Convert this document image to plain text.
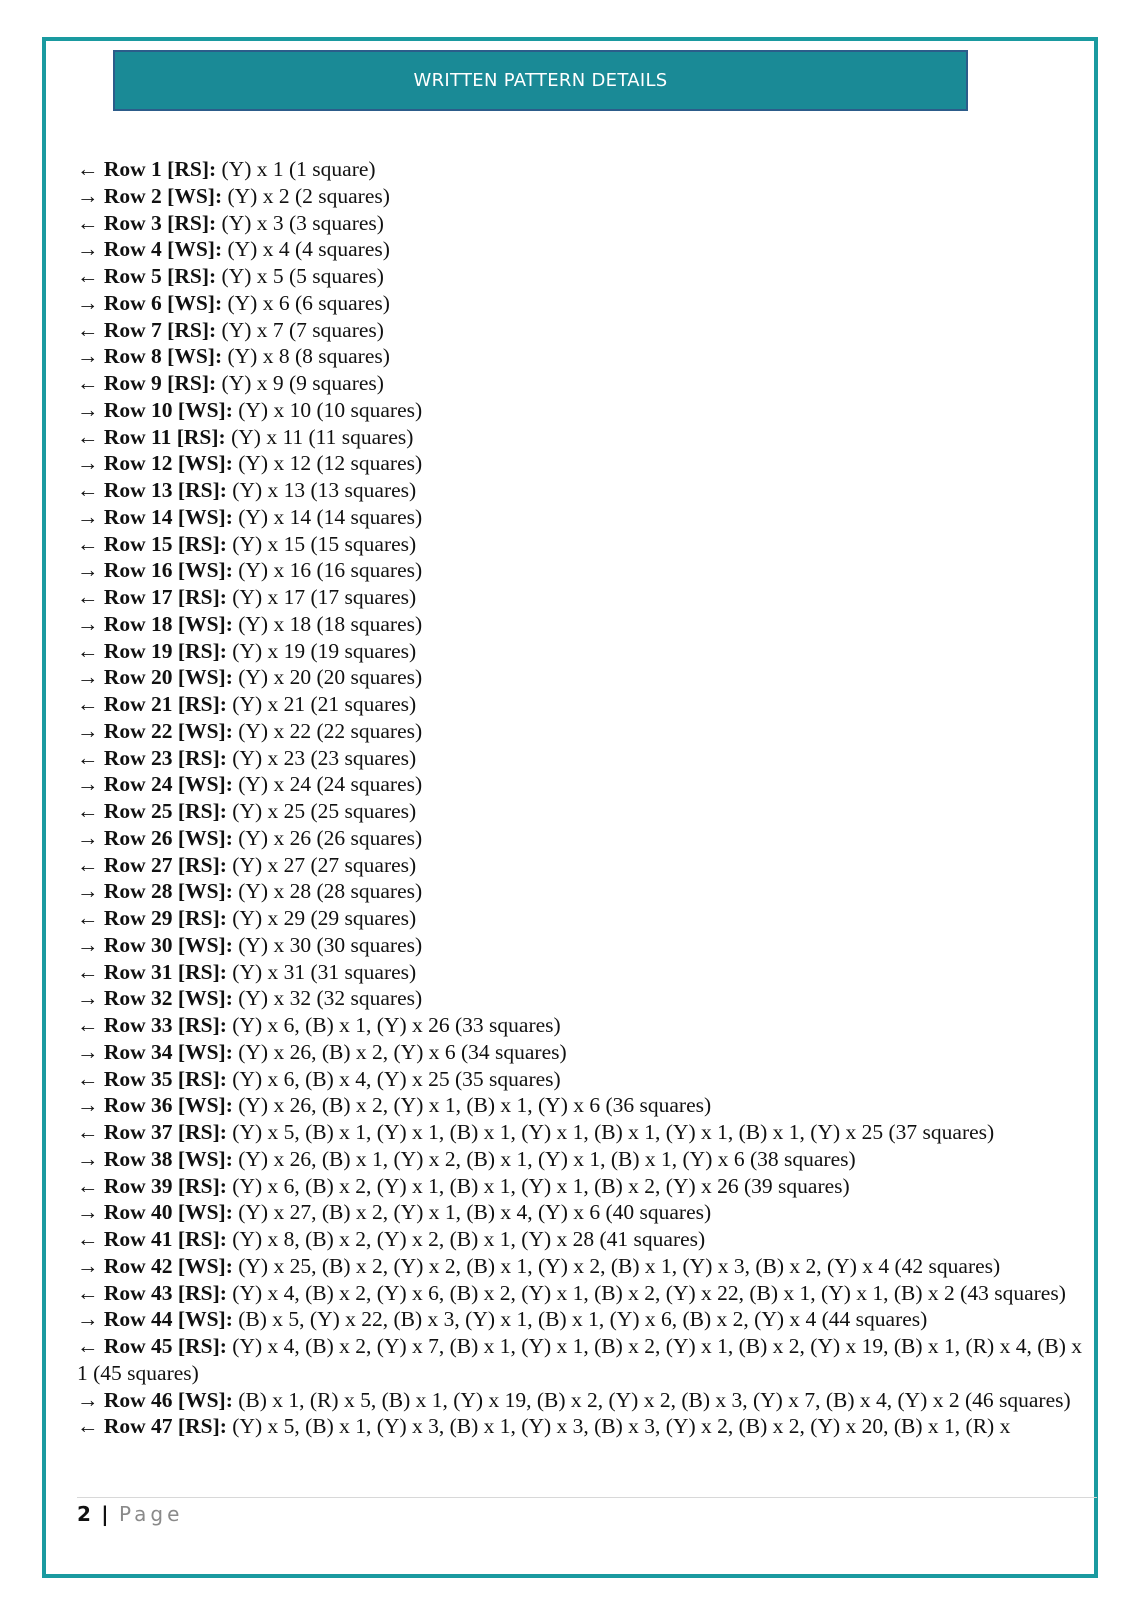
WRITTEN PATTERN DETAILS
← Row 1 [RS]: (Y) x 1 (1 square)
→ Row 2 [WS]: (Y) x 2 (2 squares)
← Row 3 [RS]: (Y) x 3 (3 squares)
→ Row 4 [WS]: (Y) x 4 (4 squares)
← Row 5 [RS]: (Y) x 5 (5 squares)
→ Row 6 [WS]: (Y) x 6 (6 squares)
← Row 7 [RS]: (Y) x 7 (7 squares)
→ Row 8 [WS]: (Y) x 8 (8 squares)
← Row 9 [RS]: (Y) x 9 (9 squares)
→ Row 10 [WS]: (Y) x 10 (10 squares)
← Row 11 [RS]: (Y) x 11 (11 squares)
→ Row 12 [WS]: (Y) x 12 (12 squares)
← Row 13 [RS]: (Y) x 13 (13 squares)
→ Row 14 [WS]: (Y) x 14 (14 squares)
← Row 15 [RS]: (Y) x 15 (15 squares)
→ Row 16 [WS]: (Y) x 16 (16 squares)
← Row 17 [RS]: (Y) x 17 (17 squares)
→ Row 18 [WS]: (Y) x 18 (18 squares)
← Row 19 [RS]: (Y) x 19 (19 squares)
→ Row 20 [WS]: (Y) x 20 (20 squares)
← Row 21 [RS]: (Y) x 21 (21 squares)
→ Row 22 [WS]: (Y) x 22 (22 squares)
← Row 23 [RS]: (Y) x 23 (23 squares)
→ Row 24 [WS]: (Y) x 24 (24 squares)
← Row 25 [RS]: (Y) x 25 (25 squares)
→ Row 26 [WS]: (Y) x 26 (26 squares)
← Row 27 [RS]: (Y) x 27 (27 squares)
→ Row 28 [WS]: (Y) x 28 (28 squares)
← Row 29 [RS]: (Y) x 29 (29 squares)
→ Row 30 [WS]: (Y) x 30 (30 squares)
← Row 31 [RS]: (Y) x 31 (31 squares)
→ Row 32 [WS]: (Y) x 32 (32 squares)
← Row 33 [RS]: (Y) x 6, (B) x 1, (Y) x 26 (33 squares)
→ Row 34 [WS]: (Y) x 26, (B) x 2, (Y) x 6 (34 squares)
← Row 35 [RS]: (Y) x 6, (B) x 4, (Y) x 25 (35 squares)
→ Row 36 [WS]: (Y) x 26, (B) x 2, (Y) x 1, (B) x 1, (Y) x 6 (36 squares)
← Row 37 [RS]: (Y) x 5, (B) x 1, (Y) x 1, (B) x 1, (Y) x 1, (B) x 1, (Y) x 1, (B) x 1, (Y) x 25 (37 squares)
→ Row 38 [WS]: (Y) x 26, (B) x 1, (Y) x 2, (B) x 1, (Y) x 1, (B) x 1, (Y) x 6 (38 squares)
← Row 39 [RS]: (Y) x 6, (B) x 2, (Y) x 1, (B) x 1, (Y) x 1, (B) x 2, (Y) x 26 (39 squares)
→ Row 40 [WS]: (Y) x 27, (B) x 2, (Y) x 1, (B) x 4, (Y) x 6 (40 squares)
← Row 41 [RS]: (Y) x 8, (B) x 2, (Y) x 2, (B) x 1, (Y) x 28 (41 squares)
→ Row 42 [WS]: (Y) x 25, (B) x 2, (Y) x 2, (B) x 1, (Y) x 2, (B) x 1, (Y) x 3, (B) x 2, (Y) x 4 (42 squares)
← Row 43 [RS]: (Y) x 4, (B) x 2, (Y) x 6, (B) x 2, (Y) x 1, (B) x 2, (Y) x 22, (B) x 1, (Y) x 1, (B) x 2 (43 squares)
→ Row 44 [WS]: (B) x 5, (Y) x 22, (B) x 3, (Y) x 1, (B) x 1, (Y) x 6, (B) x 2, (Y) x 4 (44 squares)
← Row 45 [RS]: (Y) x 4, (B) x 2, (Y) x 7, (B) x 1, (Y) x 1, (B) x 2, (Y) x 1, (B) x 2, (Y) x 19, (B) x 1, (R) x 4, (B) x 1 (45 squares)
→ Row 46 [WS]: (B) x 1, (R) x 5, (B) x 1, (Y) x 19, (B) x 2, (Y) x 2, (B) x 3, (Y) x 7, (B) x 4, (Y) x 2 (46 squares)
← Row 47 [RS]: (Y) x 5, (B) x 1, (Y) x 3, (B) x 1, (Y) x 3, (B) x 3, (Y) x 2, (B) x 2, (Y) x 20, (B) x 1, (R) x
2 | Page
